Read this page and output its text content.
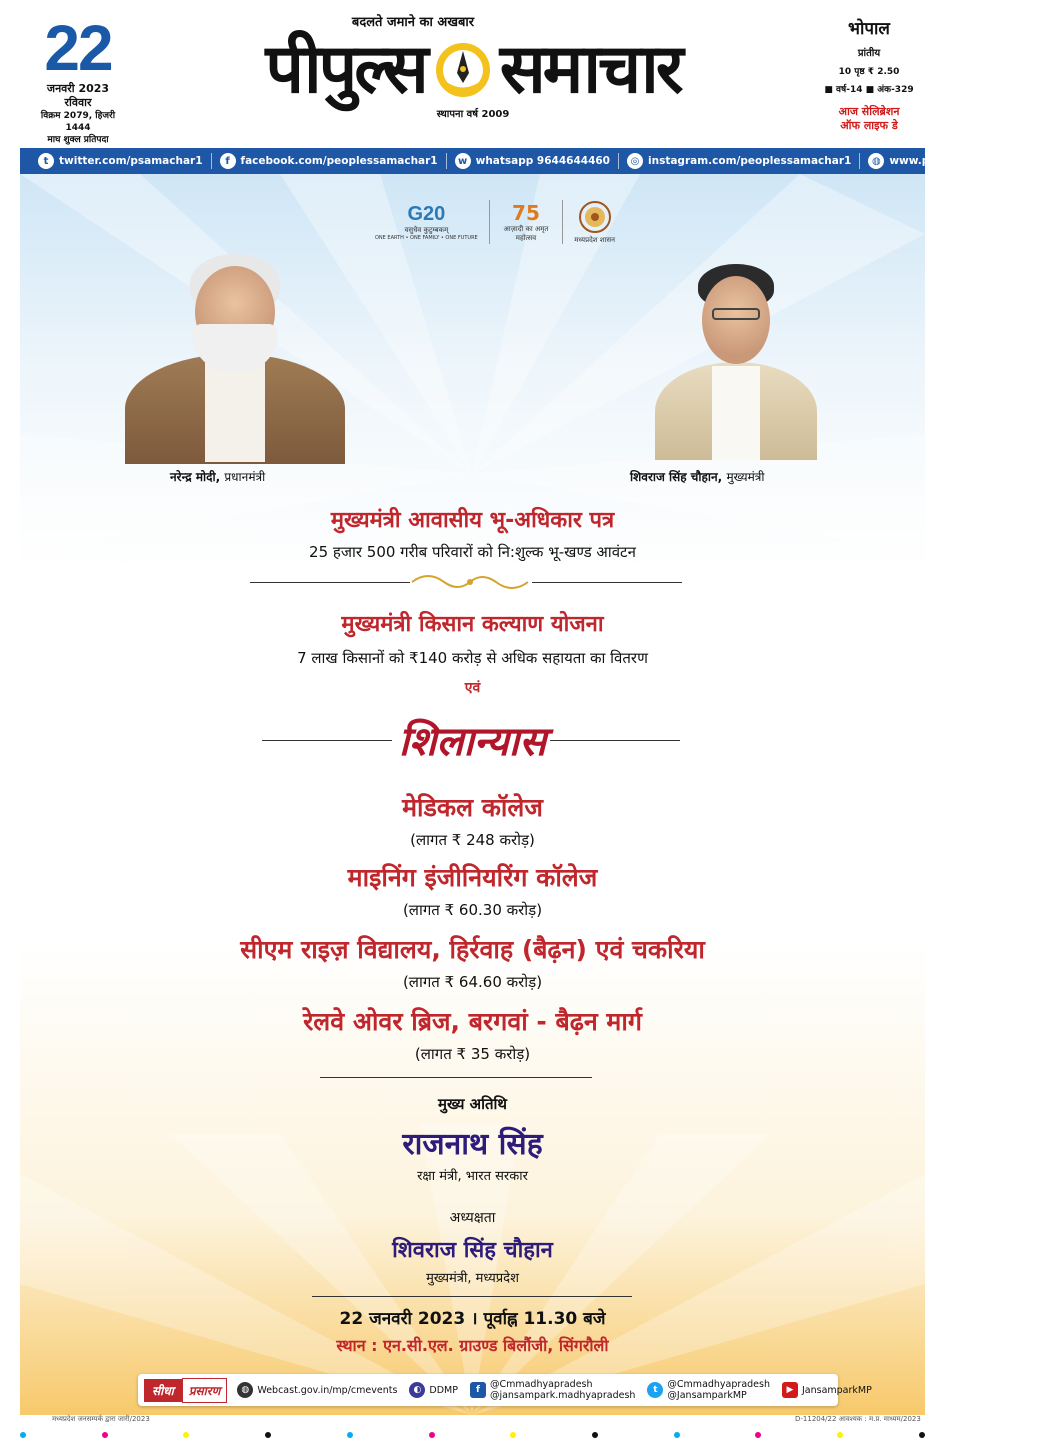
22
जनवरी 2023
रविवार
विक्रम 2079, हिजरी 1444
माघ शुक्ल प्रतिपदा
बदलते जमाने का अखबार
पीपुल्स समाचार
स्थापना वर्ष 2009
भोपाल
प्रांतीय
10 पृष्ठ ₹ 2.50
■ वर्ष-14 ■ अंक-329
आज सेलिब्रेशन
ऑफ लाइफ डे
t	twitter.com/psamachar1	f	facebook.com/peoplessamachar1	w whatsapp 9644644460	◎ instagram.com/peoplessamachar1	◍ www.peoplessamachar.in
G20
वसुधैव कुटुम्बकम्
ONE EARTH • ONE FAMILY • ONE FUTURE
75
आज़ादी का अमृत महोत्सव	मध्यप्रदेश शासन
नरेन्द्र मोदी, प्रधानमंत्री	शिवराज सिंह चौहान, मुख्यमंत्री
मुख्यमंत्री आवासीय भू-अधिकार पत्र
25 हजार 500 गरीब परिवारों को नि:शुल्क भू-खण्ड आवंटन
मुख्यमंत्री किसान कल्याण योजना
7 लाख किसानों को ₹140 करोड़ से अधिक सहायता का वितरण
एवं
शिलान्यास
मेडिकल कॉलेज
(लागत ₹ 248 करोड़)
माइनिंग इंजीनियरिंग कॉलेज
(लागत ₹ 60.30 करोड़)
सीएम राइज़ विद्यालय, हिर्रवाह (बैढ़न) एवं चकरिया
(लागत ₹ 64.60 करोड़)
रेलवे ओवर ब्रिज, बरगवां - बैढ़न मार्ग
(लागत ₹ 35 करोड़)
मुख्य अतिथि
राजनाथ सिंह
रक्षा मंत्री, भारत सरकार
अध्यक्षता
शिवराज सिंह चौहान
मुख्यमंत्री, मध्यप्रदेश
22 जनवरी 2023 । पूर्वाह्न 11.30 बजे
स्थान : एन.सी.एल. ग्राउण्ड बिलौंजी, सिंगरौली
सीधा	प्रसारण	◍ Webcast.gov.in/mp/cmevents	◐ DDMP	f	@Cmmadhyapradesh
@jansampark.madhyapradesh
t	@Cmmadhyapradesh
@JansamparkMP
▶ JansamparkMP
मध्यप्रदेश जनसम्पर्क द्वारा जारी/2023	D-11204/22 आवश्यक : म.प्र. माध्यम/2023
